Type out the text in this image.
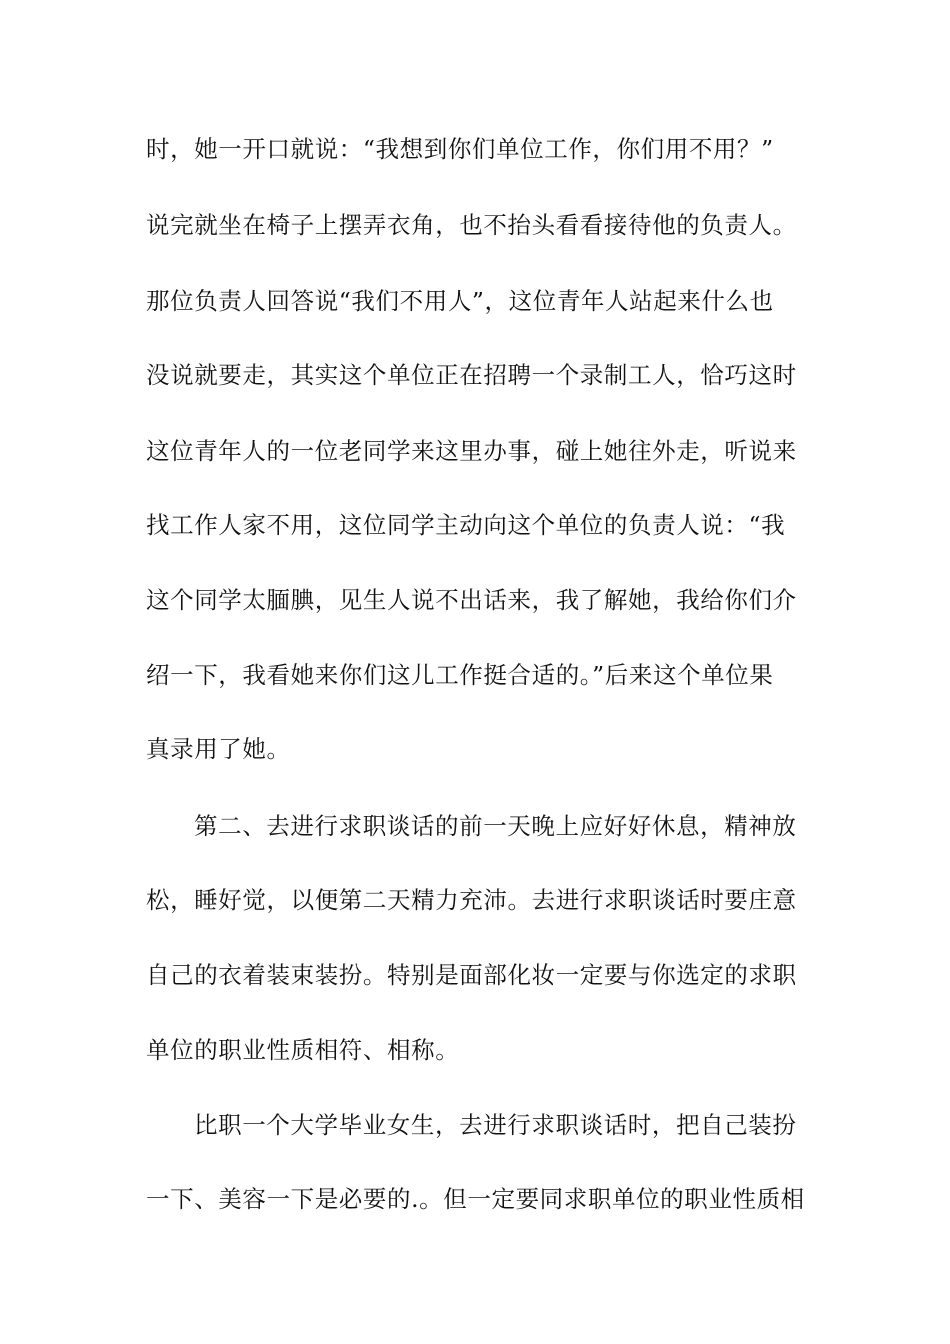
时，她一开口就说：“我想到你们单位工作，你们用不用？”
说完就坐在椅子上摆弄衣角，也不抬头看看接待他的负责人。
那位负责人回答说“我们不用人”，这位青年人站起来什么也
没说就要走，其实这个单位正在招聘一个录制工人，恰巧这时
这位青年人的一位老同学来这里办事，碰上她往外走，听说来
找工作人家不用，这位同学主动向这个单位的负责人说：“我
这个同学太腼腆，见生人说不出话来，我了解她，我给你们介
绍一下，我看她来你们这儿工作挺合适的。”后来这个单位果
真录用了她。
第二、去进行求职谈话的前一天晚上应好好休息，精神放
松，睡好觉，以便第二天精力充沛。去进行求职谈话时要庄意
自己的衣着装束装扮。特别是面部化妆一定要与你选定的求职
单位的职业性质相符、相称。
比职一个大学毕业女生，去进行求职谈话时，把自己装扮
一下、美容一下是必要的.。但一定要同求职单位的职业性质相
